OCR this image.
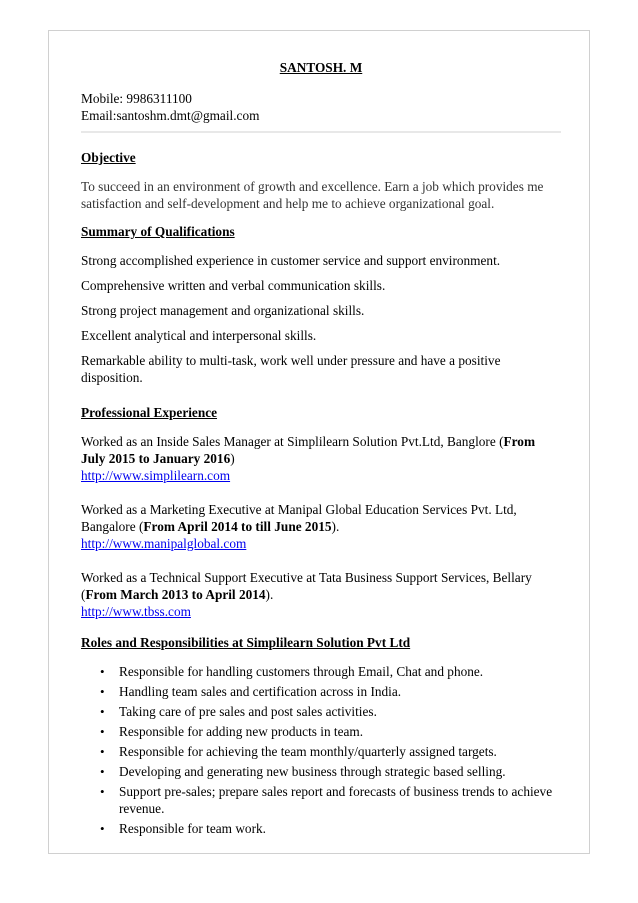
SANTOSH. M

Mobile: 9986311100

Email:santoshm.dmt@gmail.com

Objective

To succeed in an environment of growth and excellence. Earn a job which provides me satisfaction and self-development and help me to achieve organizational goal.

Summary of Qualifications

Strong accomplished experience in customer service and support environment.

Comprehensive written and verbal communication skills.

Strong project management and organizational skills.

Excellent analytical and interpersonal skills.

Remarkable ability to multi-task, work well under pressure and have a positive disposition.

Professional Experience

Worked as an Inside Sales Manager at Simplilearn Solution Pvt.Ltd, Banglore (From July 2015 to January 2016)
http://www.simplilearn.com

Worked as a Marketing Executive at Manipal Global Education Services Pvt. Ltd, Bangalore (From April 2014 to till June 2015).
http://www.manipalglobal.com

Worked as a Technical Support Executive at Tata Business Support Services, Bellary (From March 2013 to April 2014).
http://www.tbss.com

Roles and Responsibilities at Simplilearn Solution Pvt Ltd
• Responsible for handling customers through Email, Chat and phone.
• Handling team sales and certification across in India.
• Taking care of pre sales and post sales activities.
• Responsible for adding new products in team.
• Responsible for achieving the team monthly/quarterly assigned targets.
• Developing and generating new business through strategic based selling.
• Support pre-sales; prepare sales report and forecasts of business trends to achieve revenue.
• Responsible for team work.
